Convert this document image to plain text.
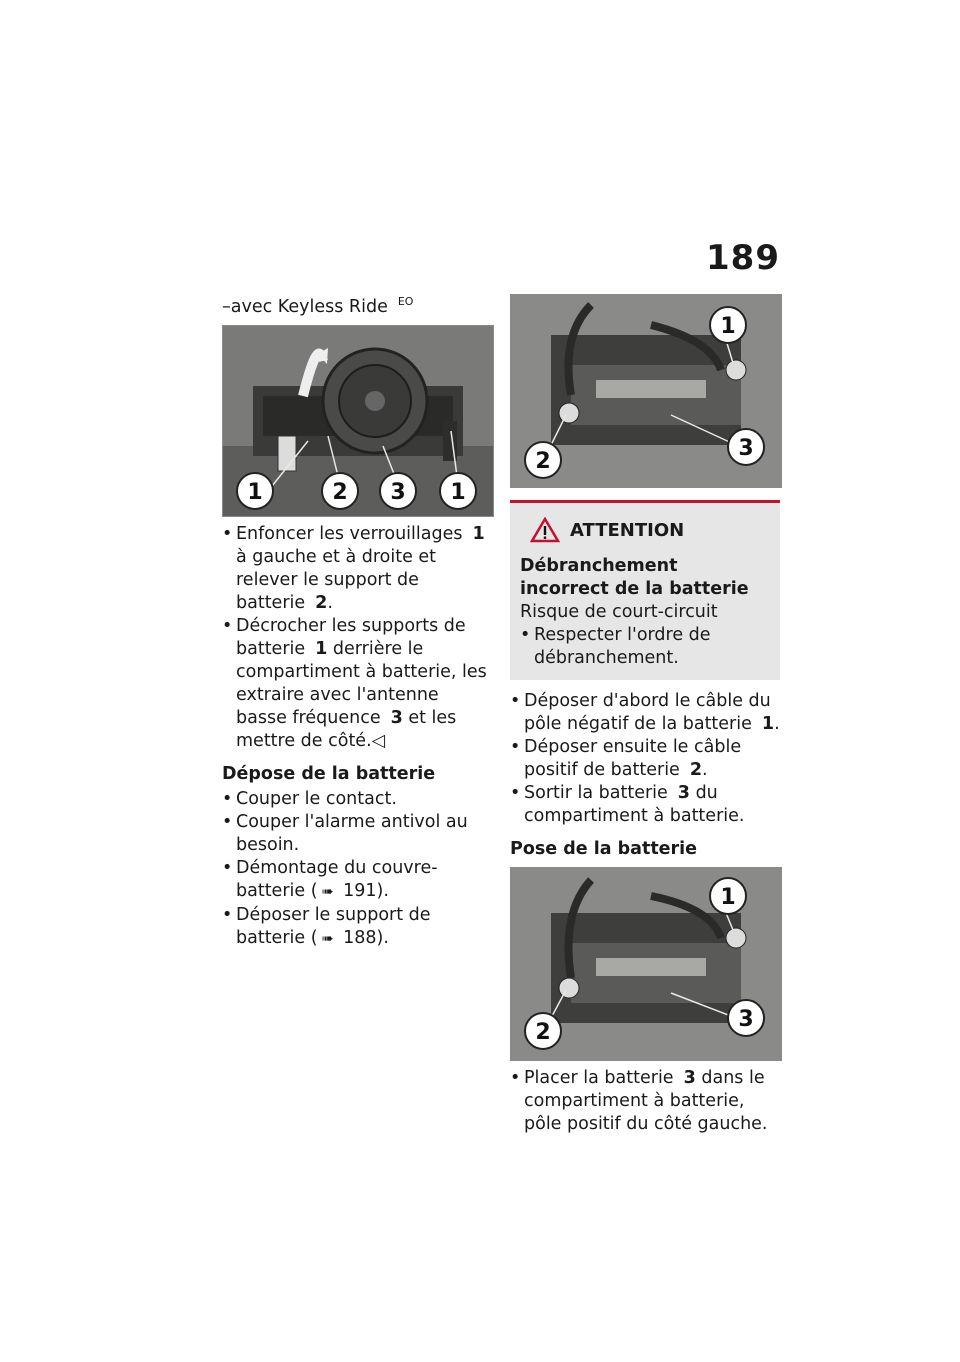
189

–avec Keyless Ride $^{EO}$

1	2 3 1

• Enfoncer les verrouillages 1 à gauche et à droite et relever le support de batterie 2.

• Décrocher les supports de batterie 1 derrière le compartiment à batterie, les extraire avec l'antenne basse fréquence 3 et les mettre de côté.◁

Dépose de la batterie

• Couper le contact.

• Couper l'alarme antivol au besoin.

• Démontage du couvre-batterie ( ➠ 191).

• Déposer le support de batterie ( ➠ 188).

1
2
3
ATTENTION

Débranchement incorrect de la batterie

Risque de court-circuit

• Respecter l'ordre de débranchement.

• Déposer d'abord le câble du pôle négatif de la batterie 1.

• Déposer ensuite le câble positif de batterie 2.

• Sortir la batterie 3 du compartiment à batterie.

Pose de la batterie

1
2
3

• Placer la batterie 3 dans le compartiment à batterie, pôle positif du côté gauche.
